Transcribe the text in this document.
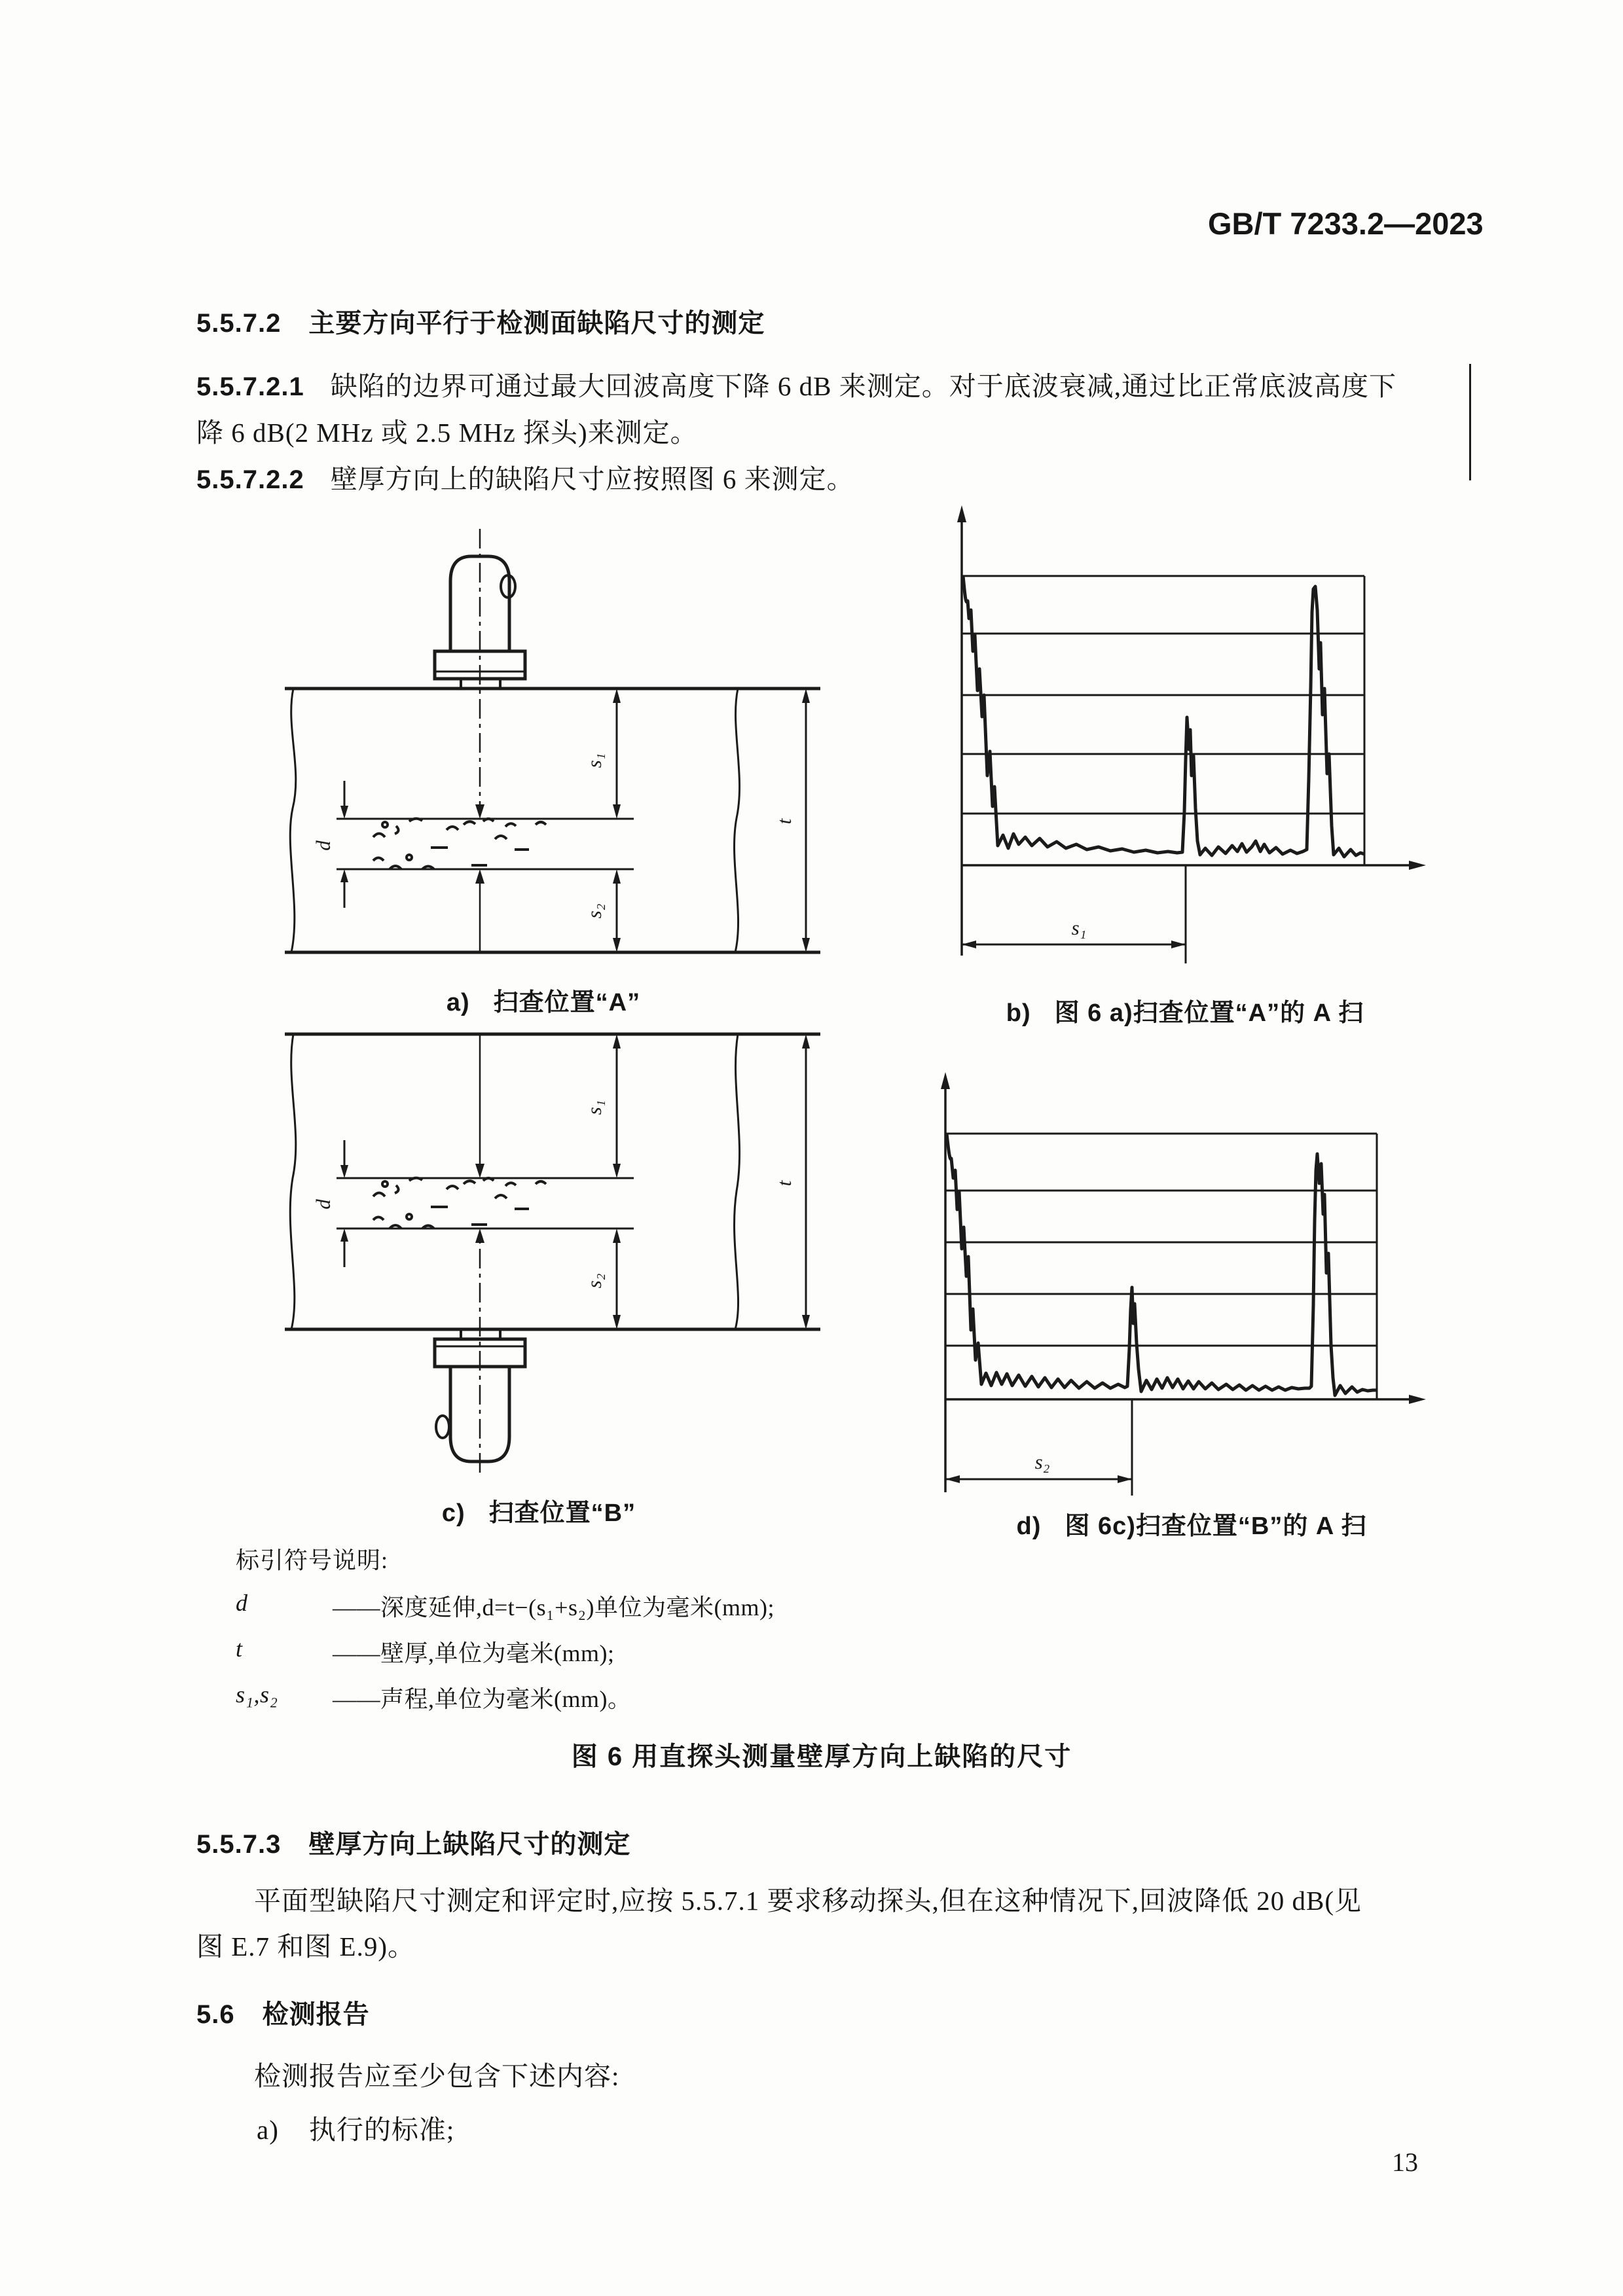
GB/T 7233.2—2023
5.5.7.2 主要方向平行于检测面缺陷尺寸的测定
5.5.7.2.1 缺陷的边界可通过最大回波高度下降 6 dB 来测定。对于底波衰减,通过比正常底波高度下
降 6 dB(2 MHz 或 2.5 MHz 探头)来测定。
5.5.7.2.2 壁厚方向上的缺陷尺寸应按照图 6 来测定。
s₁
s₂
t
d
s₁
a) 扫查位置“A”	b) 图 6 a)扫查位置“A”的 A 扫
s₁
s₂
t
d
s₂
c) 扫查位置“B”	d) 图 6c)扫查位置“B”的 A 扫
标引符号说明:
d	——深度延伸,d=t−(s₁+s₂)单位为毫米(mm);
t	——壁厚,单位为毫米(mm);
s₁,s₂	——声程,单位为毫米(mm)。
图 6 用直探头测量壁厚方向上缺陷的尺寸
5.5.7.3 壁厚方向上缺陷尺寸的测定
平面型缺陷尺寸测定和评定时,应按 5.5.7.1 要求移动探头,但在这种情况下,回波降低 20 dB(见
图 E.7 和图 E.9)。
5.6 检测报告
检测报告应至少包含下述内容:
a) 执行的标准;
13
